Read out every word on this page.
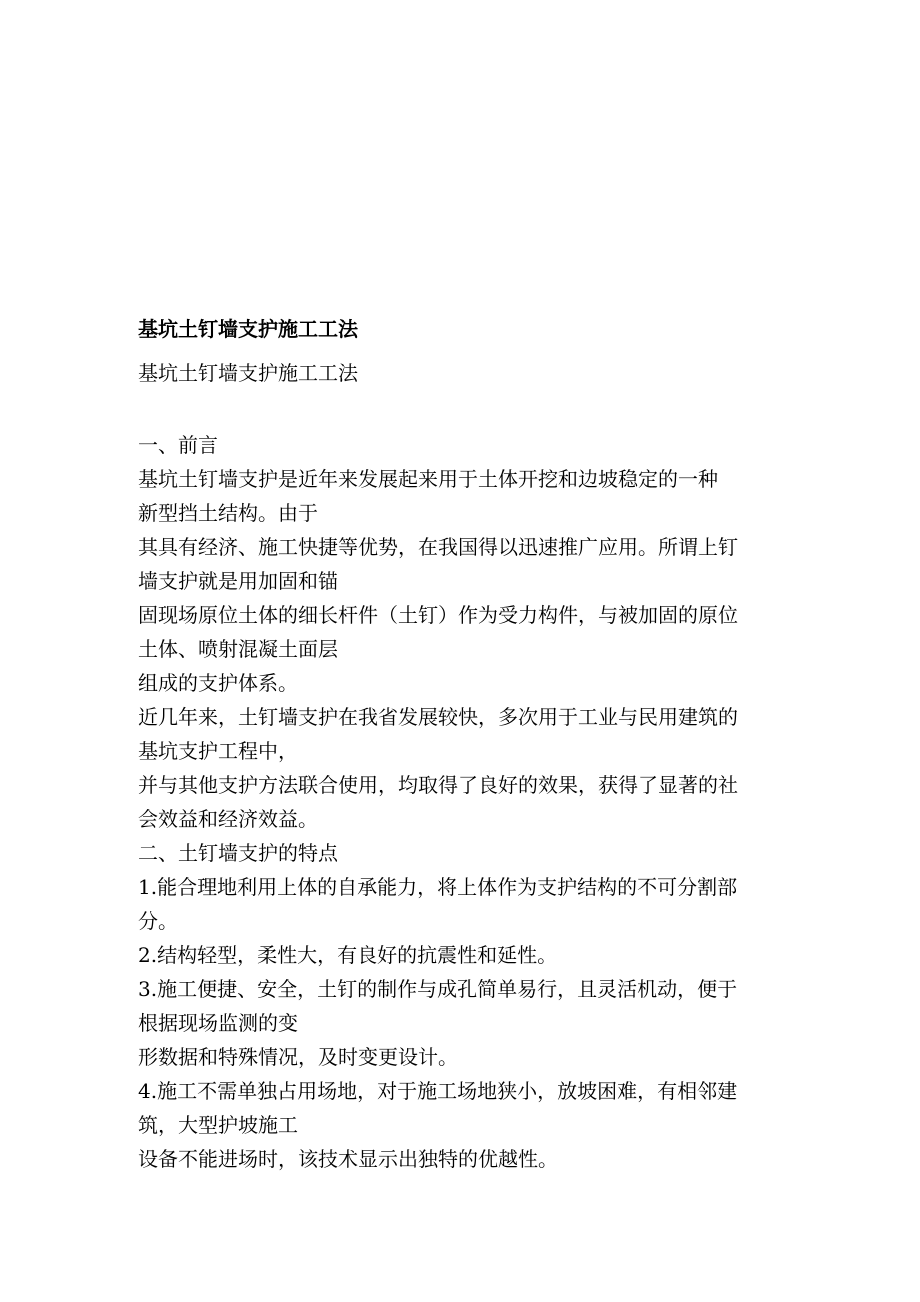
基坑土钉墙支护施工工法
基坑土钉墙支护施工工法
一、前言
基坑土钉墙支护是近年来发展起来用于土体开挖和边坡稳定的一种
新型挡土结构。由于
其具有经济、施工快捷等优势，在我国得以迅速推广应用。所谓上钉
墙支护就是用加固和锚
固现场原位土体的细长杆件（土钉）作为受力构件，与被加固的原位
土体、喷射混凝土面层
组成的支护体系。
近几年来，土钉墙支护在我省发展较快，多次用于工业与民用建筑的
基坑支护工程中，
并与其他支护方法联合使用，均取得了良好的效果，获得了显著的社
会效益和经济效益。
二、土钉墙支护的特点
1.能合理地利用上体的自承能力，将上体作为支护结构的不可分割部
分。
2.结构轻型，柔性大，有良好的抗震性和延性。
3.施工便捷、安全，土钉的制作与成孔简单易行，且灵活机动，便于
根据现场监测的变
形数据和特殊情况，及时变更设计。
4.施工不需单独占用场地，对于施工场地狭小，放坡困难，有相邻建
筑，大型护坡施工
设备不能进场时，该技术显示出独特的优越性。
